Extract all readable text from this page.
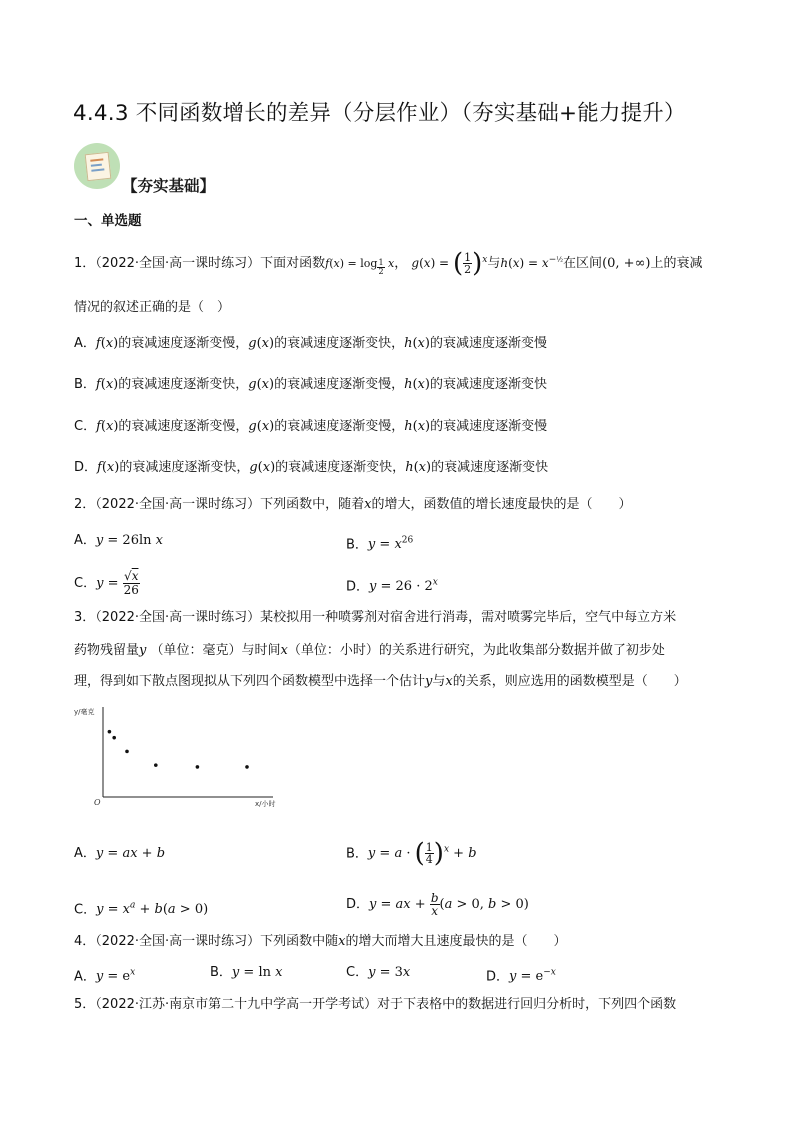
4.4.3 不同函数增长的差异（分层作业）（夯实基础+能力提升）
【夯实基础】
一、单选题
1．（2022·全国·高一课时练习）下面对函数f(x) = log $_{\frac{1}{2}}$ x， g(x) = ( $\frac{1}{2} )^x$与$h(x) = x^{-\frac{1}{2}}$在区间(0, +∞)上的衰减
情况的叙述正确的是（　）
A．f(x)的衰减速度逐渐变慢，g(x)的衰减速度逐渐变快，h(x)的衰减速度逐渐变慢
B．f(x)的衰减速度逐渐变快，g(x)的衰减速度逐渐变慢，h(x)的衰减速度逐渐变快
C．f(x)的衰减速度逐渐变慢，g(x)的衰减速度逐渐变慢，h(x)的衰减速度逐渐变慢
D．f(x)的衰减速度逐渐变快，g(x)的衰减速度逐渐变快，h(x)的衰减速度逐渐变快
2．（2022·全国·高一课时练习）下列函数中，随着x的增大，函数值的增长速度最快的是（　　）
A．y = 26ln x	B．$y = x^{26}$
C．$y = \frac{√x}{26}$	D．$y = 26 \cdot 2^x$
3．（2022·全国·高一课时练习）某校拟用一种喷雾剂对宿舍进行消毒，需对喷雾完毕后，空气中每立方米
药物残留量y （单位：毫克）与时间x（单位：小时）的关系进行研究，为此收集部分数据并做了初步处
理，得到如下散点图现拟从下列四个函数模型中选择一个估计y与x的关系，则应选用的函数模型是（　　）
y/毫克
x/小时
O
A．y = ax + b	B．y = a · ( $\frac{1}{4} )^x + b$
C．$y = x^a + b(a > 0)$	D．y = ax + $\frac{b}{x} (a > 0$, b > 0)
4．（2022·全国·高一课时练习）下列函数中随x的增大而增大且速度最快的是（　　）
A．$y = e^x$	B．y = ln x	C．y = 3x	D．$y = e^{-x}$
5．（2022·江苏·南京市第二十九中学高一开学考试）对于下表格中的数据进行回归分析时，下列四个函数
